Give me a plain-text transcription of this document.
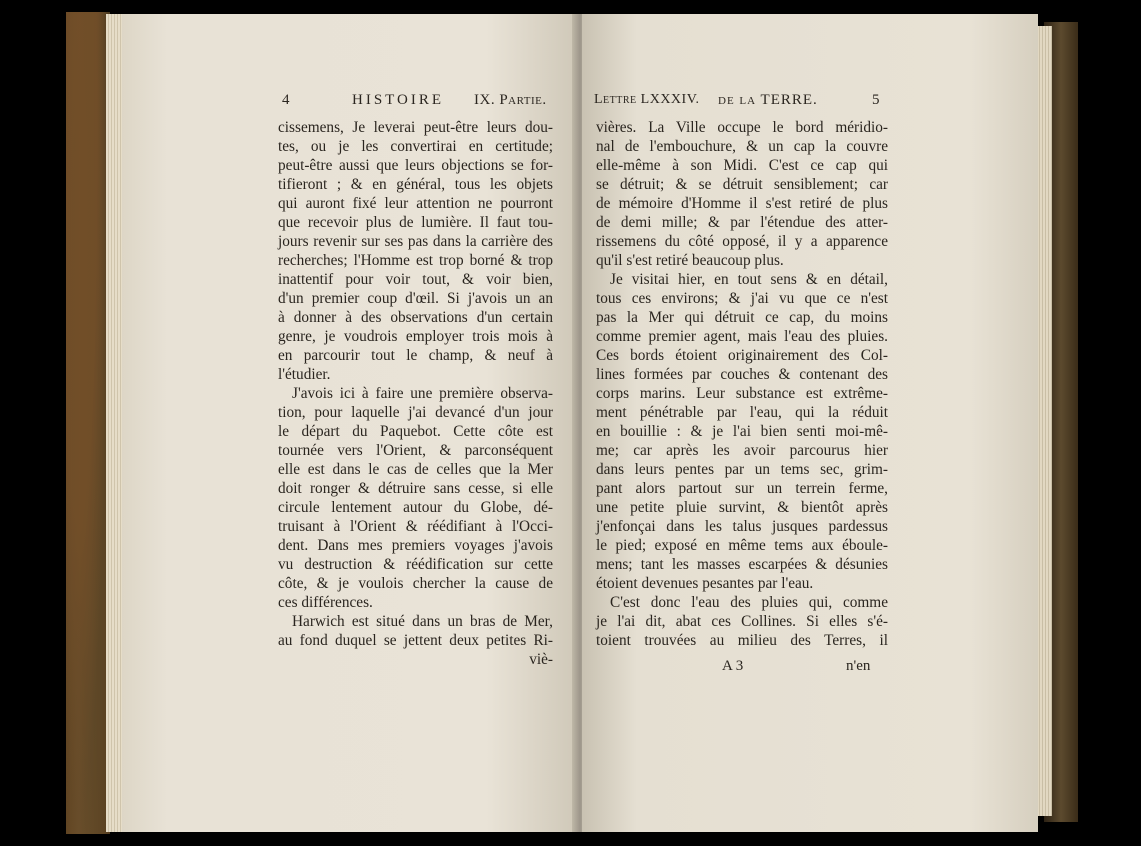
4	HISTOIRE IX. Partie.
cissemens, Je leverai peut-être leurs dou-
tes, ou je les convertirai en certitude;
peut-être aussi que leurs objections se for-
tifieront ; & en général, tous les objets
qui auront fixé leur attention ne pourront
que recevoir plus de lumière. Il faut tou-
jours revenir sur ses pas dans la carrière des
recherches; l'Homme est trop borné & trop
inattentif pour voir tout, & voir bien,
d'un premier coup d'œil. Si j'avois un an
à donner à des observations d'un certain
genre, je voudrois employer trois mois à
en parcourir tout le champ, & neuf à
l'étudier.
J'avois ici à faire une première observa-
tion, pour laquelle j'ai devancé d'un jour
le départ du Paquebot. Cette côte est
tournée vers l'Orient, & parconséquent
elle est dans le cas de celles que la Mer
doit ronger & détruire sans cesse, si elle
circule lentement autour du Globe, dé-
truisant à l'Orient & réédifiant à l'Occi-
dent. Dans mes premiers voyages j'avois
vu destruction & réédification sur cette
côte, & je voulois chercher la cause de
ces différences.
Harwich est situé dans un bras de Mer,
au fond duquel se jettent deux petites Ri-
viè-
Lettre LXXXIV. de la TERRE.	5
vières. La Ville occupe le bord méridio-
nal de l'embouchure, & un cap la couvre
elle-même à son Midi. C'est ce cap qui
se détruit; & se détruit sensiblement; car
de mémoire d'Homme il s'est retiré de plus
de demi mille; & par l'étendue des atter-
rissemens du côté opposé, il y a apparence
qu'il s'est retiré beaucoup plus.
Je visitai hier, en tout sens & en détail,
tous ces environs; & j'ai vu que ce n'est
pas la Mer qui détruit ce cap, du moins
comme premier agent, mais l'eau des pluies.
Ces bords étoient originairement des Col-
lines formées par couches & contenant des
corps marins. Leur substance est extrême-
ment pénétrable par l'eau, qui la réduit
en bouillie : & je l'ai bien senti moi-mê-
me; car après les avoir parcourus hier
dans leurs pentes par un tems sec, grim-
pant alors partout sur un terrein ferme,
une petite pluie survint, & bientôt après
j'enfonçai dans les talus jusques pardessus
le pied; exposé en même tems aux éboule-
mens; tant les masses escarpées & désunies
étoient devenues pesantes par l'eau.
C'est donc l'eau des pluies qui, comme
je l'ai dit, abat ces Collines. Si elles s'é-
toient trouvées au milieu des Terres, il
A 3	n'en
